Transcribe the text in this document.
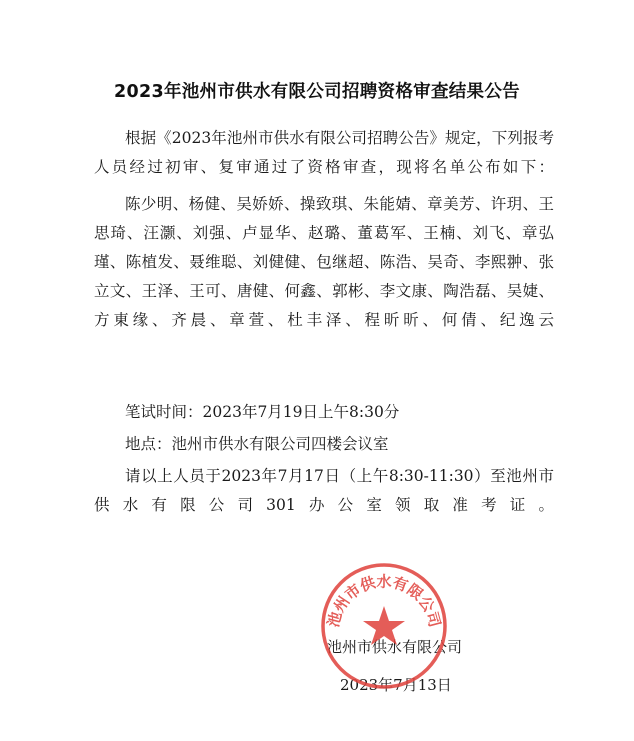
2023年池州市供水有限公司招聘资格审查结果公告
根据《2023年池州市供水有限公司招聘公告》规定，下列报考人员经过初审、复审通过了资格审查，现将名单公布如下：
陈少明、杨健、吴娇娇、操致琪、朱能婧、章美芳、许玥、王思琦、汪灏、刘强、卢显华、赵璐、董葛军、王楠、刘飞、章弘瑾、陈植发、聂维聪、刘健健、包继超、陈浩、吴奇、李熙翀、张立文、王泽、王可、唐健、何鑫、郭彬、李文康、陶浩磊、吴婕、方東缘、齐晨、章萱、杜丰泽、程昕昕、何倩、纪逸云
笔试时间：2023年7月19日上午8:30分
地点：池州市供水有限公司四楼会议室
请以上人员于2023年7月17日（上午8:30-11:30）至池州市供水有限公司301办公室领取准考证。
池州市供水有限公司
2023年7月13日
池州市供水有限公司
